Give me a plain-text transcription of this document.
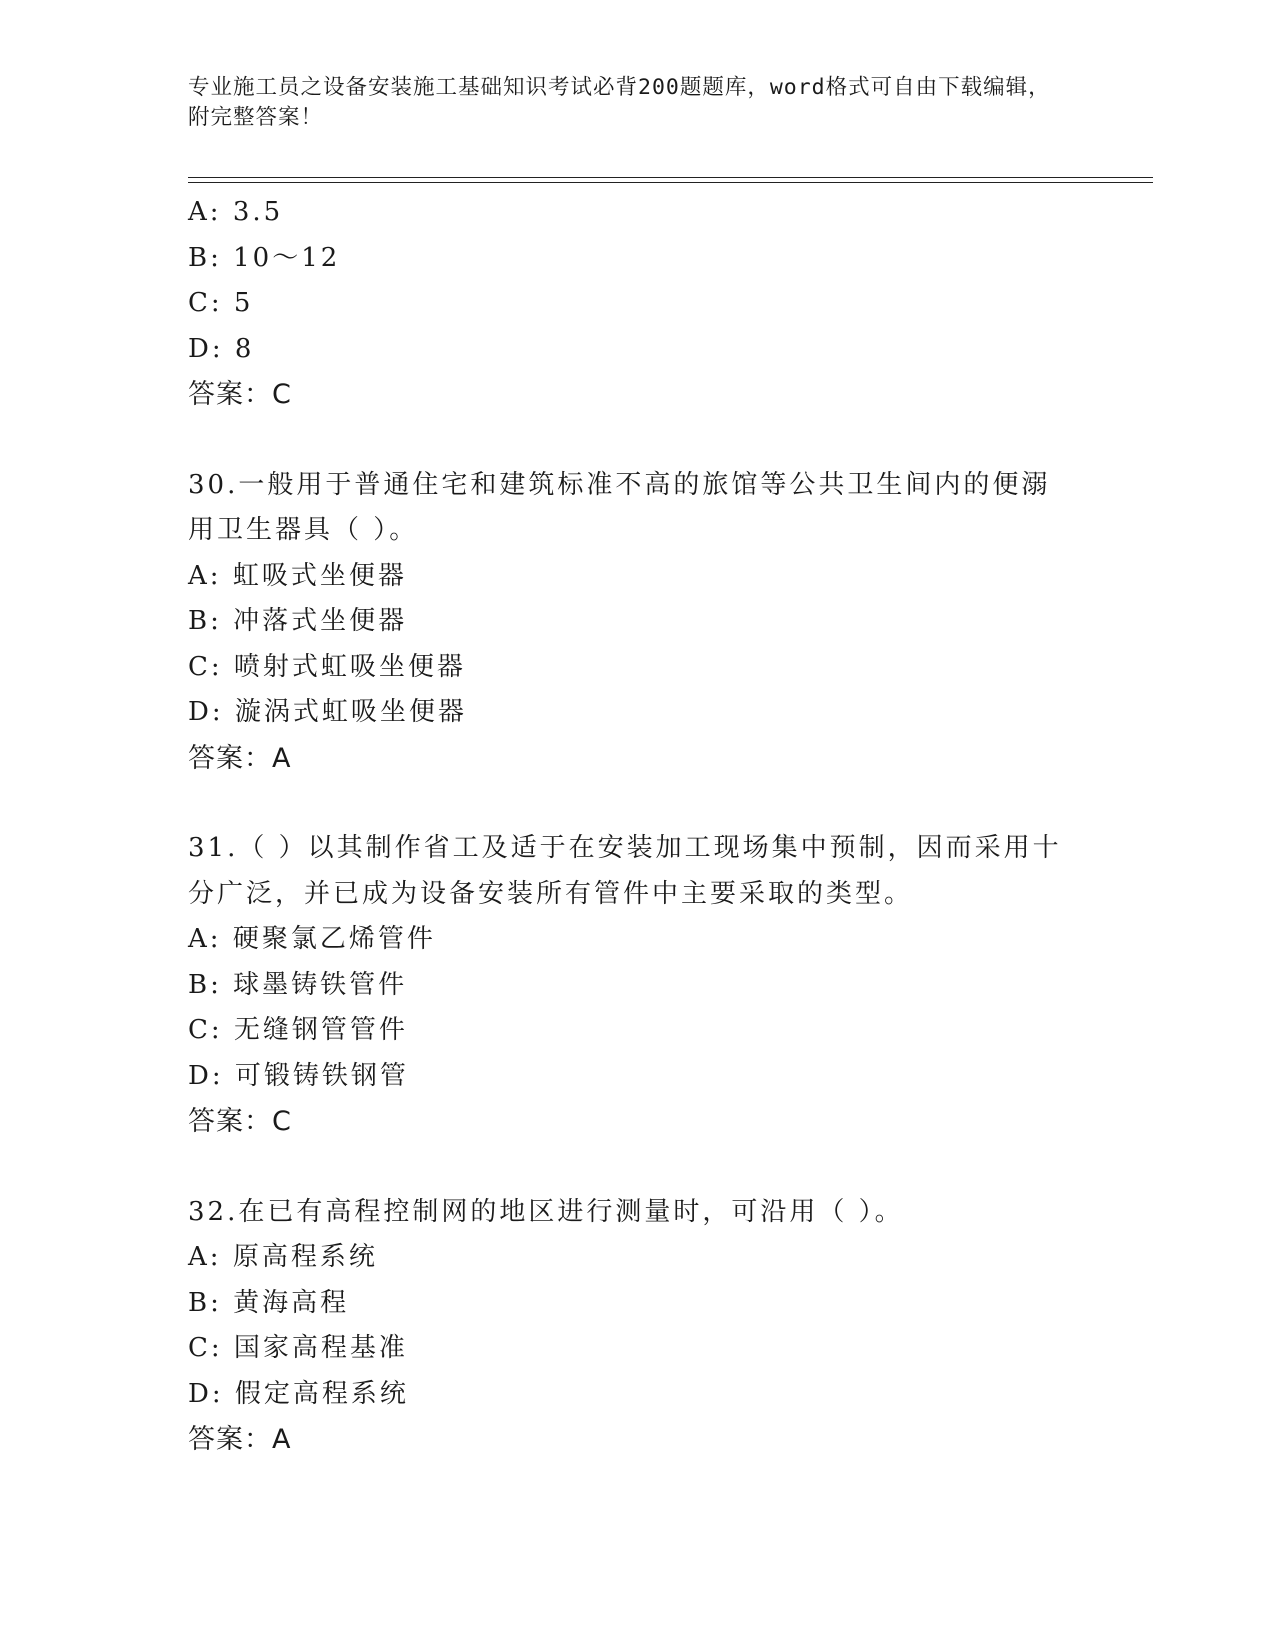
专业施工员之设备安装施工基础知识考试必背200题题库，word格式可自由下载编辑，附完整答案！
A: 3.5
B: 10～12
C: 5
D: 8
答案：C
30.一般用于普通住宅和建筑标准不高的旅馆等公共卫生间内的便溺用卫生器具（ ）。
A: 虹吸式坐便器
B: 冲落式坐便器
C: 喷射式虹吸坐便器
D: 漩涡式虹吸坐便器
答案：A
31.（ ）以其制作省工及适于在安装加工现场集中预制，因而采用十分广泛，并已成为设备安装所有管件中主要采取的类型。
A: 硬聚氯乙烯管件
B: 球墨铸铁管件
C: 无缝钢管管件
D: 可锻铸铁钢管
答案：C
32.在已有高程控制网的地区进行测量时，可沿用（ ）。
A: 原高程系统
B: 黄海高程
C: 国家高程基准
D: 假定高程系统
答案：A
